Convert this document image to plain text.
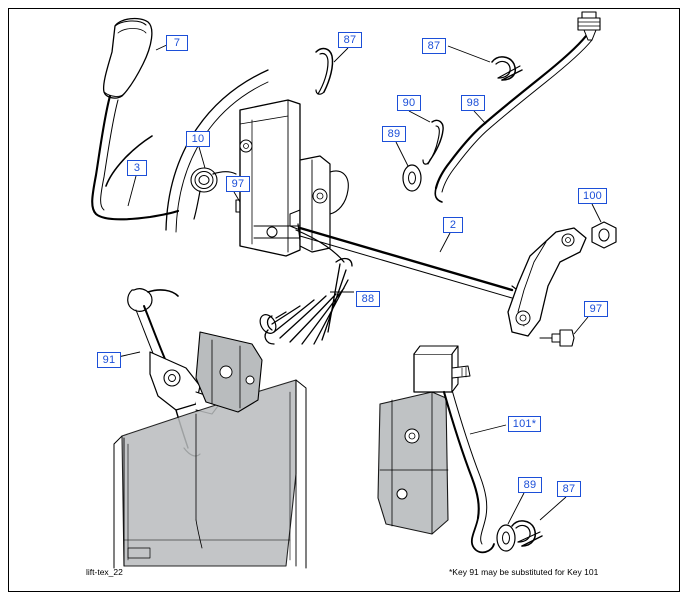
7	87	87
90	98
89
10
3
97
100
2
97
88
91
101*
89	87
lift-tex_22	*Key 91 may be substituted for Key 101
